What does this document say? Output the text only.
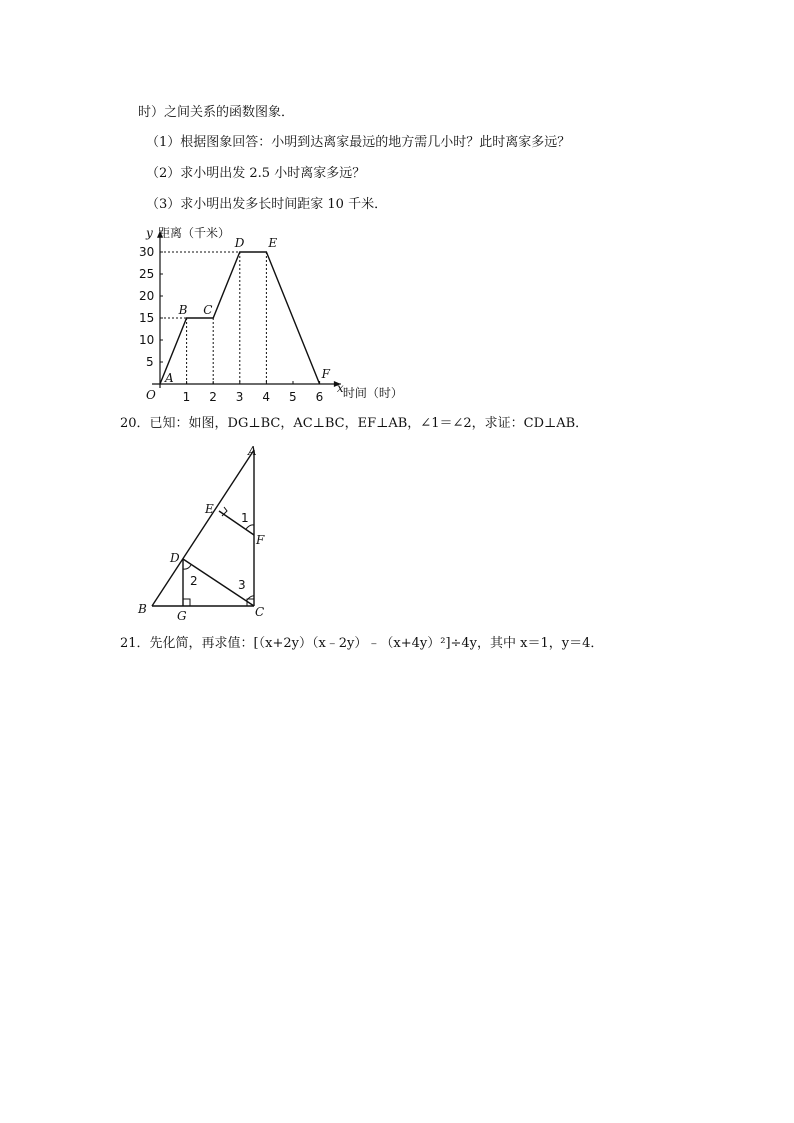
时）之间关系的函数图象．
（1）根据图象回答：小明到达离家最远的地方需几小时？此时离家多远？
（2）求小明出发 2.5 小时离家多远？
（3）求小明出发多长时间距家 10 千米．
1 2 3 4 5 6
5
10
15
20
25
30
A
B C
D E
F
y 距离（千米）
x 时间（时）
O
20．已知：如图，DG⊥BC，AC⊥BC，EF⊥AB，∠1＝∠2，求证：CD⊥AB．
A
B	C
D
E
F
G
1
2	3
21．先化简，再求值：[（x+2y）（x﹣2y）﹣（x+4y）²]÷4y，其中 x＝1，y＝4．
